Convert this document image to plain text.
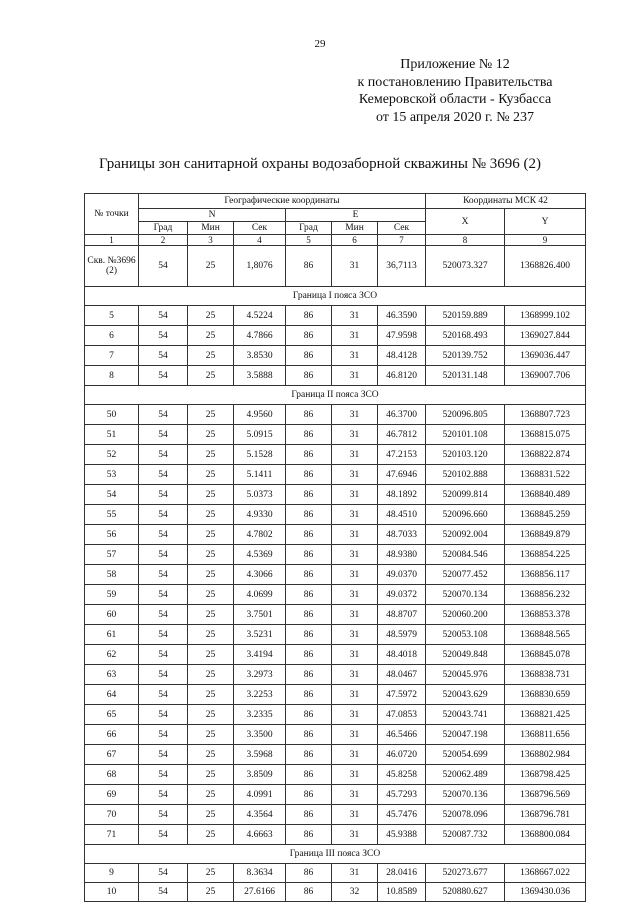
29
Приложение № 12
к постановлению Правительства
Кемеровской области - Кузбасса
от 15 апреля 2020 г. № 237
Границы зон санитарной охраны водозаборной скважины № 3696 (2)
№ точки	Географические координаты						Координаты МСК 42	
	N			E			X	Y
	Град	Мин	Сек	Град	Мин	Сек		
1	2	3	4	5	6	7	8	9
Скв. №3696 (2)	54	25	1,8076	86	31	36,7113	520073.327	1368826.400
Граница I пояса ЗСО								
5	54	25	4.5224	86	31	46.3590	520159.889	1368999.102
6	54	25	4.7866	86	31	47.9598	520168.493	1369027.844
7	54	25	3.8530	86	31	48.4128	520139.752	1369036.447
8	54	25	3.5888	86	31	46.8120	520131.148	1369007.706
Граница II пояса ЗСО								
50	54	25	4.9560	86	31	46.3700	520096.805	1368807.723
51	54	25	5.0915	86	31	46.7812	520101.108	1368815.075
52	54	25	5.1528	86	31	47.2153	520103.120	1368822.874
53	54	25	5.1411	86	31	47.6946	520102.888	1368831.522
54	54	25	5.0373	86	31	48.1892	520099.814	1368840.489
55	54	25	4.9330	86	31	48.4510	520096.660	1368845.259
56	54	25	4.7802	86	31	48.7033	520092.004	1368849.879
57	54	25	4.5369	86	31	48.9380	520084.546	1368854.225
58	54	25	4.3066	86	31	49.0370	520077.452	1368856.117
59	54	25	4.0699	86	31	49.0372	520070.134	1368856.232
60	54	25	3.7501	86	31	48.8707	520060.200	1368853.378
61	54	25	3.5231	86	31	48.5979	520053.108	1368848.565
62	54	25	3.4194	86	31	48.4018	520049.848	1368845.078
63	54	25	3.2973	86	31	48.0467	520045.976	1368838.731
64	54	25	3.2253	86	31	47.5972	520043.629	1368830.659
65	54	25	3.2335	86	31	47.0853	520043.741	1368821.425
66	54	25	3.3500	86	31	46.5466	520047.198	1368811.656
67	54	25	3.5968	86	31	46.0720	520054.699	1368802.984
68	54	25	3.8509	86	31	45.8258	520062.489	1368798.425
69	54	25	4.0991	86	31	45.7293	520070.136	1368796.569
70	54	25	4.3564	86	31	45.7476	520078.096	1368796.781
71	54	25	4.6663	86	31	45.9388	520087.732	1368800.084
Граница III пояса ЗСО								
9	54	25	8.3634	86	31	28.0416	520273.677	1368667.022
10	54	25	27.6166	86	32	10.8589	520880.627	1369430.036
